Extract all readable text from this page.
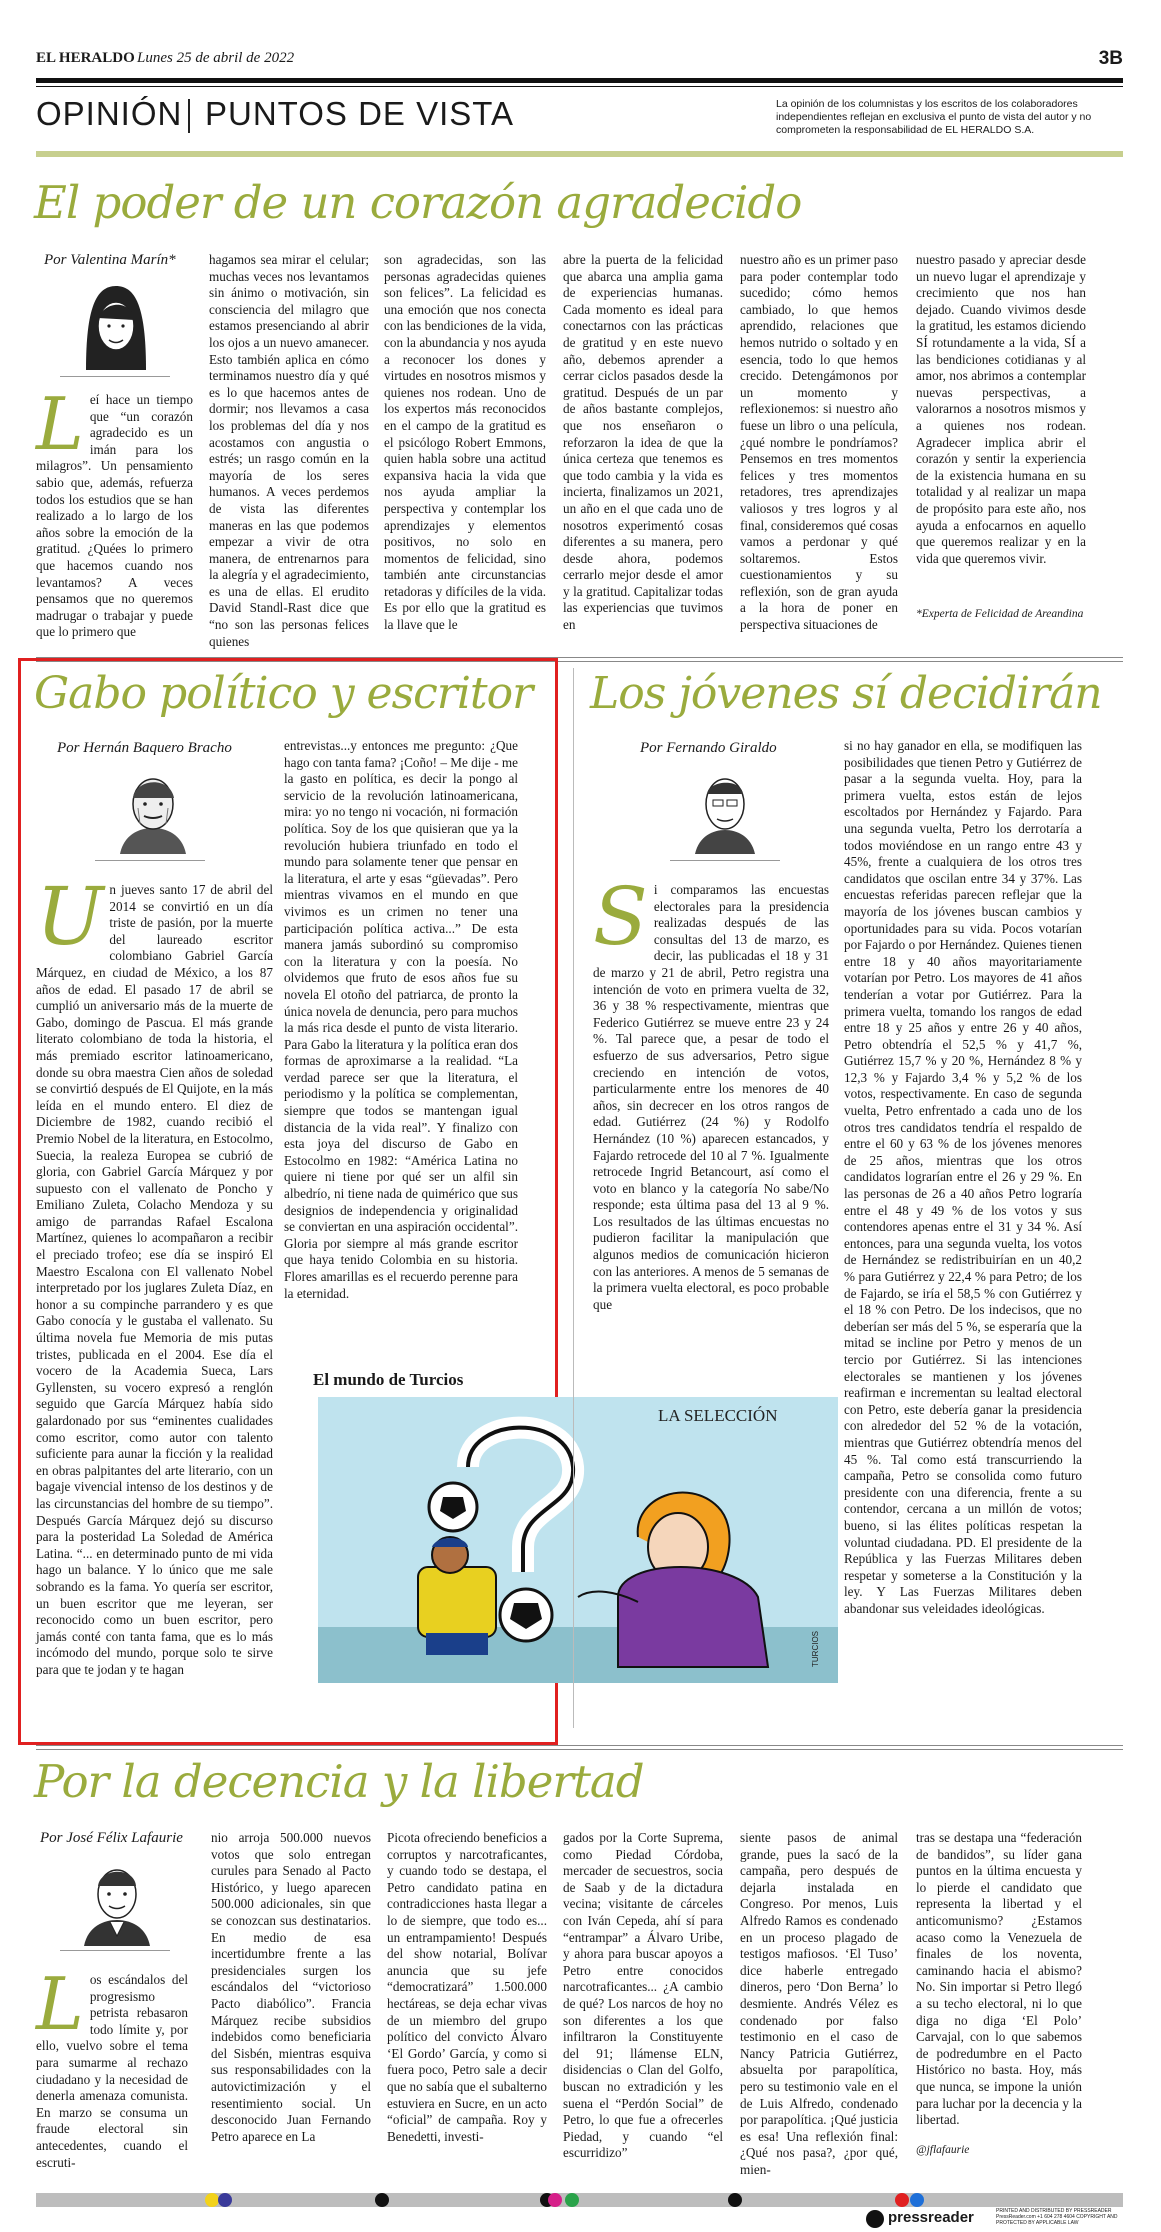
EL HERALDO Lunes 25 de abril de 2022	3B
OPINIÓN PUNTOS DE VISTA	La opinión de los columnistas y los escritos de los colaboradores independientes reflejan en exclusiva el punto de vista del autor y no comprometen la responsabilidad de EL HERALDO S.A.
El poder de un corazón agradecido
Por Valentina Marín*
L eí hace un tiempo que “un corazón agradecido es un imán para los milagros”. Un pensamiento sabio que, además, refuerza todos los estudios que se han realizado a lo largo de los años sobre la emoción de la gratitud. ¿Quées lo primero que hacemos cuando nos levantamos? A veces pensamos que no queremos madrugar o trabajar y puede que lo primero que
hagamos sea mirar el celular; muchas veces nos levantamos sin ánimo o motivación, sin consciencia del milagro que estamos presenciando al abrir los ojos a un nuevo amanecer. Esto también aplica en cómo terminamos nuestro día y qué es lo que hacemos antes de dormir; nos llevamos a casa los problemas del día y nos acostamos con angustia o estrés; un rasgo común en la mayoría de los seres humanos. A veces perdemos de vista las diferentes maneras en las que podemos empezar a vivir de otra manera, de entrenarnos para la alegría y el agradecimiento, es una de ellas. El erudito David Standl-Rast dice que “no son las personas felices quienes
son agradecidas, son las personas agradecidas quienes son felices”. La felicidad es una emoción que nos conecta con las bendiciones de la vida, con la abundancia y nos ayuda a reconocer los dones y virtudes en nosotros mismos y quienes nos rodean. Uno de los expertos más reconocidos en el campo de la gratitud es el psicólogo Robert Emmons, quien habla sobre una actitud expansiva hacia la vida que nos ayuda ampliar la perspectiva y contemplar los aprendizajes y elementos positivos, no solo en momentos de felicidad, sino también ante circunstancias retadoras y difíciles de la vida. Es por ello que la gratitud es la llave que le
abre la puerta de la felicidad que abarca una amplia gama de experiencias humanas. Cada momento es ideal para conectarnos con las prácticas de gratitud y en este nuevo año, debemos aprender a cerrar ciclos pasados desde la gratitud. Después de un par de años bastante complejos, que nos enseñaron o reforzaron la idea de que la única certeza que tenemos es que todo cambia y la vida es incierta, finalizamos un 2021, un año en el que cada uno de nosotros experimentó cosas diferentes a su manera, pero desde ahora, podemos cerrarlo mejor desde el amor y la gratitud. Capitalizar todas las experiencias que tuvimos en
nuestro año es un primer paso para poder contemplar todo sucedido; cómo hemos cambiado, lo que hemos aprendido, relaciones que hemos nutrido o soltado y en esencia, todo lo que hemos crecido. Detengámonos por un momento y reflexionemos: si nuestro año fuese un libro o una película, ¿qué nombre le pondríamos? Pensemos en tres momentos felices y tres momentos retadores, tres aprendizajes valiosos y tres logros y al final, consideremos qué cosas vamos a perdonar y qué soltaremos. Estos cuestionamientos y su reflexión, son de gran ayuda a la hora de poner en perspectiva situaciones de
nuestro pasado y apreciar desde un nuevo lugar el aprendizaje y crecimiento que nos han dejado. Cuando vivimos desde la gratitud, les estamos diciendo SÍ rotundamente a la vida, SÍ a las bendiciones cotidianas y al amor, nos abrimos a contemplar nuevas perspectivas, a valorarnos a nosotros mismos y a quienes nos rodean. Agradecer implica abrir el corazón y sentir la experiencia de la existencia humana en su totalidad y al realizar un mapa de propósito para este año, nos ayuda a enfocarnos en aquello que queremos realizar y en la vida que queremos vivir.
*Experta de Felicidad de Areandina
Gabo político y escritor
Por Hernán Baquero Bracho
U n jueves santo 17 de abril del 2014 se convirtió en un día triste de pasión, por la muerte del laureado escritor colombiano Gabriel García Márquez, en ciudad de México, a los 87 años de edad. El pasado 17 de abril se cumplió un aniversario más de la muerte de Gabo, domingo de Pascua. El más grande literato colombiano de toda la historia, el más premiado escritor latinoamericano, donde su obra maestra Cien años de soledad se convirtió después de El Quijote, en la más leída en el mundo entero. El diez de Diciembre de 1982, cuando recibió el Premio Nobel de la literatura, en Estocolmo, Suecia, la realeza Europea se cubrió de gloria, con Gabriel García Márquez y por supuesto con el vallenato de Poncho y Emiliano Zuleta, Colacho Mendoza y su amigo de parrandas Rafael Escalona Martínez, quienes lo acompañaron a recibir el preciado trofeo; ese día se inspiró El Maestro Escalona con El vallenato Nobel interpretado por los juglares Zuleta Díaz, en honor a su compinche parrandero y es que Gabo conocía y le gustaba el vallenato. Su última novela fue Memoria de mis putas tristes, publicada en el 2004. Ese día el vocero de la Academia Sueca, Lars Gyllensten, su vocero expresó a renglón seguido que García Márquez había sido galardonado por sus “eminentes cualidades como escritor, como autor con talento suficiente para aunar la ficción y la realidad en obras palpitantes del arte literario, con un bagaje vivencial intenso de los destinos y de las circunstancias del hombre de su tiempo”. Después García Márquez dejó su discurso para la posteridad La Soledad de América Latina. “... en determinado punto de mi vida hago un balance. Y lo único que me sale sobrando es la fama. Yo quería ser escritor, un buen escritor que me leyeran, ser reconocido como un buen escritor, pero jamás conté con tanta fama, que es lo más incómodo del mundo, porque solo te sirve para que te jodan y te hagan
entrevistas...y entonces me pregunto: ¿Que hago con tanta fama? ¡Coño! – Me dije - me la gasto en política, es decir la pongo al servicio de la revolución latinoamericana, mira: yo no tengo ni vocación, ni formación política. Soy de los que quisieran que ya la revolución hubiera triunfado en todo el mundo para solamente tener que pensar en la literatura, el arte y esas “güevadas”. Pero mientras vivamos en el mundo en que vivimos es un crimen no tener una participación política activa...” De esta manera jamás subordinó su compromiso con la literatura y con la poesía. No olvidemos que fruto de esos años fue su novela El otoño del patriarca, de pronto la única novela de denuncia, pero para muchos la más rica desde el punto de vista literario. Para Gabo la literatura y la política eran dos formas de aproximarse a la realidad. “La verdad parece ser que la literatura, el periodismo y la política se complementan, siempre que todos se mantengan igual distancia de la vida real”. Y finalizo con esta joya del discurso de Gabo en Estocolmo en 1982: “América Latina no quiere ni tiene por qué ser un alfil sin albedrío, ni tiene nada de quimérico que sus designios de independencia y originalidad se conviertan en una aspiración occidental”. Gloria por siempre al más grande escritor que haya tenido Colombia en su historia. Flores amarillas es el recuerdo perenne para la eternidad.
El mundo de Turcios
LA SELECCIÓN
TURCIOS
Los jóvenes sí decidirán
Por Fernando Giraldo
S i comparamos las encuestas electorales para la presidencia realizadas después de las consultas del 13 de marzo, es decir, las publicadas el 18 y 31 de marzo y 21 de abril, Petro registra una intención de voto en primera vuelta de 32, 36 y 38 % respectivamente, mientras que Federico Gutiérrez se mueve entre 23 y 24 %. Tal parece que, a pesar de todo el esfuerzo de sus adversarios, Petro sigue creciendo en intención de votos, particularmente entre los menores de 40 años, sin decrecer en los otros rangos de edad. Gutiérrez (24 %) y Rodolfo Hernández (10 %) aparecen estancados, y Fajardo retrocede del 10 al 7 %. Igualmente retrocede Ingrid Betancourt, así como el voto en blanco y la categoría No sabe/No responde; esta última pasa del 13 al 9 %. Los resultados de las últimas encuestas no pudieron facilitar la manipulación que algunos medios de comunicación hicieron con las anteriores. A menos de 5 semanas de la primera vuelta electoral, es poco probable que
si no hay ganador en ella, se modifiquen las posibilidades que tienen Petro y Gutiérrez de pasar a la segunda vuelta. Hoy, para la primera vuelta, estos están de lejos escoltados por Hernández y Fajardo. Para una segunda vuelta, Petro los derrotaría a todos moviéndose en un rango entre 43 y 45%, frente a cualquiera de los otros tres candidatos que oscilan entre 34 y 37%. Las encuestas referidas parecen reflejar que la mayoría de los jóvenes buscan cambios y oportunidades para su vida. Pocos votarían por Fajardo o por Hernández. Quienes tienen entre 18 y 40 años mayoritariamente votarían por Petro. Los mayores de 41 años tenderían a votar por Gutiérrez. Para la primera vuelta, tomando los rangos de edad entre 18 y 25 años y entre 26 y 40 años, Petro obtendría el 52,5 % y 41,7 %, Gutiérrez 15,7 % y 20 %, Hernández 8 % y 12,3 % y Fajardo 3,4 % y 5,2 % de los votos, respectivamente. En caso de segunda vuelta, Petro enfrentado a cada uno de los otros tres candidatos tendría el respaldo de entre el 60 y 63 % de los jóvenes menores de 25 años, mientras que los otros candidatos lograrían entre el 26 y 29 %. En las personas de 26 a 40 años Petro lograría entre el 48 y 49 % de los votos y sus contendores apenas entre el 31 y 34 %. Así entonces, para una segunda vuelta, los votos de Hernández se redistribuirían en un 40,2 % para Gutiérrez y 22,4 % para Petro; de los de Fajardo, se iría el 58,5 % con Gutiérrez y el 18 % con Petro. De los indecisos, que no deberían ser más del 5 %, se esperaría que la mitad se incline por Petro y menos de un tercio por Gutiérrez. Si las intenciones electorales se mantienen y los jóvenes reafirman e incrementan su lealtad electoral con Petro, este debería ganar la presidencia con alrededor del 52 % de la votación, mientras que Gutiérrez obtendría menos del 45 %. Tal como está transcurriendo la campaña, Petro se consolida como futuro presidente con una diferencia, frente a su contendor, cercana a un millón de votos; bueno, si las élites políticas respetan la voluntad ciudadana. PD. El presidente de la República y las Fuerzas Militares deben respetar y someterse a la Constitución y la ley. Y Las Fuerzas Militares deben abandonar sus veleidades ideológicas.
Por la decencia y la libertad
Por José Félix Lafaurie
L os escándalos del progresismo petrista rebasaron todo límite y, por ello, vuelvo sobre el tema para sumarme al rechazo ciudadano y la necesidad de denerla amenaza comunista. En marzo se consuma un fraude electoral sin antecedentes, cuando el escruti-
nio arroja 500.000 nuevos votos que solo entregan curules para Senado al Pacto Histórico, y luego aparecen 500.000 adicionales, sin que se conozcan sus destinatarios. En medio de esa incertidumbre frente a las presidenciales surgen los escándalos del “victorioso Pacto diabólico”. Francia Márquez recibe subsidios indebidos como beneficiaria del Sisbén, mientras esquiva sus responsabilidades con la autovictimización y el resentimiento social. Un desconocido Juan Fernando Petro aparece en La
Picota ofreciendo beneficios a corruptos y narcotraficantes, y cuando todo se destapa, el Petro candidato patina en contradicciones hasta llegar a lo de siempre, que todo es... un entrampamiento! Después del show notarial, Bolívar anuncia que su jefe “democratizará” 1.500.000 hectáreas, se deja echar vivas de un miembro del grupo político del convicto Álvaro ‘El Gordo’ García, y como si fuera poco, Petro sale a decir que no sabía que el subalterno estuviera en Sucre, en un acto “oficial” de campaña. Roy y Benedetti, investi-
gados por la Corte Suprema, como Piedad Córdoba, mercader de secuestros, socia de Saab y de la dictadura vecina; visitante de cárceles con Iván Cepeda, ahí sí para “entrampar” a Álvaro Uribe, y ahora para buscar apoyos a Petro entre conocidos narcotraficantes... ¿A cambio de qué? Los narcos de hoy no son diferentes a los que infiltraron la Constituyente del 91; llámense ELN, disidencias o Clan del Golfo, buscan no extradición y les suena el “Perdón Social” de Petro, lo que fue a ofrecerles Piedad, y cuando “el escurridizo”
siente pasos de animal grande, pues la sacó de la campaña, pero después de dejarla instalada en Congreso. Por menos, Luis Alfredo Ramos es condenado en un proceso plagado de testigos mafiosos. ‘El Tuso’ dice haberle entregado dineros, pero ‘Don Berna’ lo desmiente. Andrés Vélez es condenado por falso testimonio en el caso de Nancy Patricia Gutiérrez, absuelta por parapolítica, pero su testimonio vale en el de Luis Alfredo, condenado por parapolítica. ¡Qué justicia es esa! Una reflexión final: ¿Qué nos pasa?, ¿por qué, mien-
tras se destapa una “federación de bandidos”, su líder gana puntos en la última encuesta y lo pierde el candidato que representa la libertad y el anticomunismo? ¿Estamos acaso como la Venezuela de finales de los noventa, caminando hacia el abismo? No. Sin importar si Petro llegó a su techo electoral, ni lo que diga no diga ‘El Polo’ Carvajal, con lo que sabemos de podredumbre en el Pacto Histórico no basta. Hoy, más que nunca, se impone la unión para luchar por la decencia y la libertad.
@jflafaurie
pressreader	PRINTED AND DISTRIBUTED BY PRESSREADER PressReader.com +1 604 278 4604 COPYRIGHT AND PROTECTED BY APPLICABLE LAW
